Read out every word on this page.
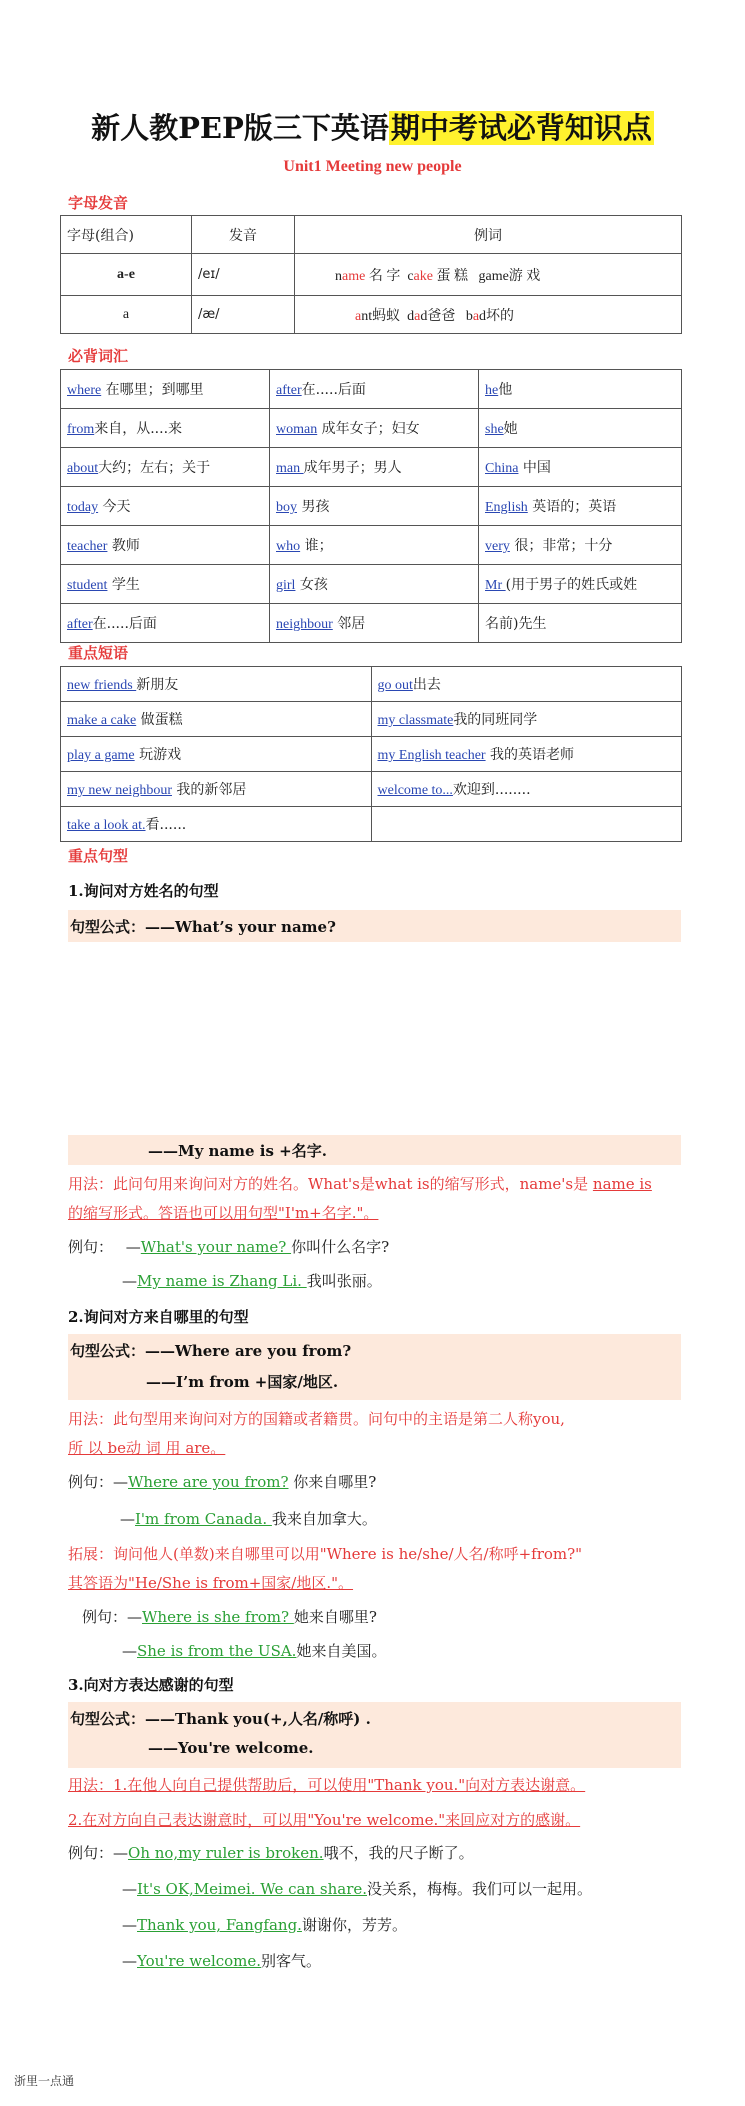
新人教PEP版三下英语期中考试必背知识点
Unit1 Meeting new people
字母发音
字母(组合)	发音	例词
a-e	/eɪ/	name 名 字 cake 蛋 糕 game游 戏
a	/æ/	ant蚂蚁 dad爸爸 bad坏的
必背词汇
where 在哪里；到哪里	after在.....后面	he他
from来自，从....来	woman 成年女子；妇女	she她
about大约；左右；关于	man 成年男子；男人	China 中国
today 今天	boy 男孩	English 英语的；英语
teacher 教师	who 谁；	very 很；非常；十分
student 学生	girl 女孩	Mr (用于男子的姓氏或姓
after在.....后面	neighbour 邻居	名前)先生
重点短语
new friends 新朋友	go out出去
make a cake 做蛋糕	my classmate我的同班同学
play a game 玩游戏	my English teacher 我的英语老师
my new neighbour 我的新邻居	welcome to...欢迎到........
take a look at.看......	
重点句型
1.询问对方姓名的句型
句型公式：——What’s your name?
——My name is +名字.
用法：此问句用来询问对方的姓名。What's是what is的缩写形式，name's是 name is
的缩写形式。答语也可以用句型"I'm+名字."。
例句： —What's your name? 你叫什么名字?
—My name is Zhang Li. 我叫张丽。
2.询问对方来自哪里的句型
句型公式：——Where are you from?
——I’m from +国家/地区.
用法：此句型用来询问对方的国籍或者籍贯。问句中的主语是第二人称you,
所 以 be动 词 用 are。
例句：—Where are you from? 你来自哪里?
—I'm from Canada. 我来自加拿大。
拓展：询问他人(单数)来自哪里可以用"Where is he/she/人名/称呼+from?"
其答语为"He/She is from+国家/地区."。
例句：—Where is she from? 她来自哪里?
—She is from the USA.她来自美国。
3.向对方表达感谢的句型
句型公式：——Thank you(+,人名/称呼) .
——You're welcome.
用法：1.在他人向自己提供帮助后，可以使用"Thank you."向对方表达谢意。
2.在对方向自己表达谢意时，可以用"You're welcome."来回应对方的感谢。
例句：—Oh no,my ruler is broken.哦不，我的尺子断了。
—It's OK,Meimei. We can share.没关系，梅梅。我们可以一起用。
—Thank you, Fangfang.谢谢你，芳芳。
—You're welcome.别客气。
浙里一点通
